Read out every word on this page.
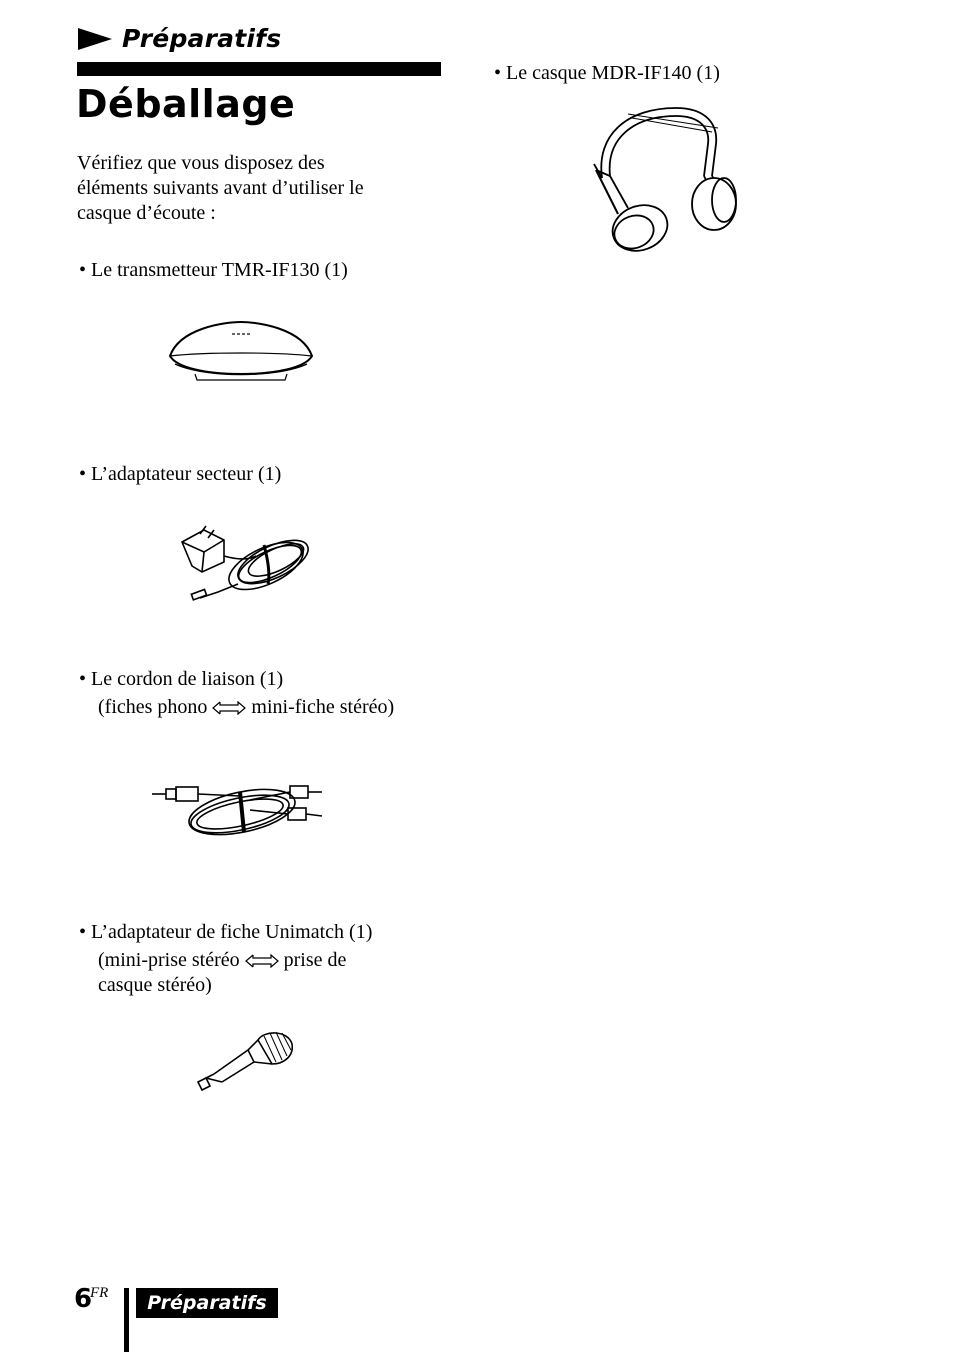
Préparatifs
Déballage
Vérifiez que vous disposez des
éléments suivants avant d’utiliser le
casque d’écoute :
• Le transmetteur TMR-IF130 (1)
• L’adaptateur secteur (1)
• Le cordon de liaison (1)
(fiches phono mini-fiche stéréo)
• L’adaptateur de fiche Unimatch (1)
(mini-prise stéréo prise de
casque stéréo)
• Le casque MDR-IF140 (1)
6
FR	Préparatifs
